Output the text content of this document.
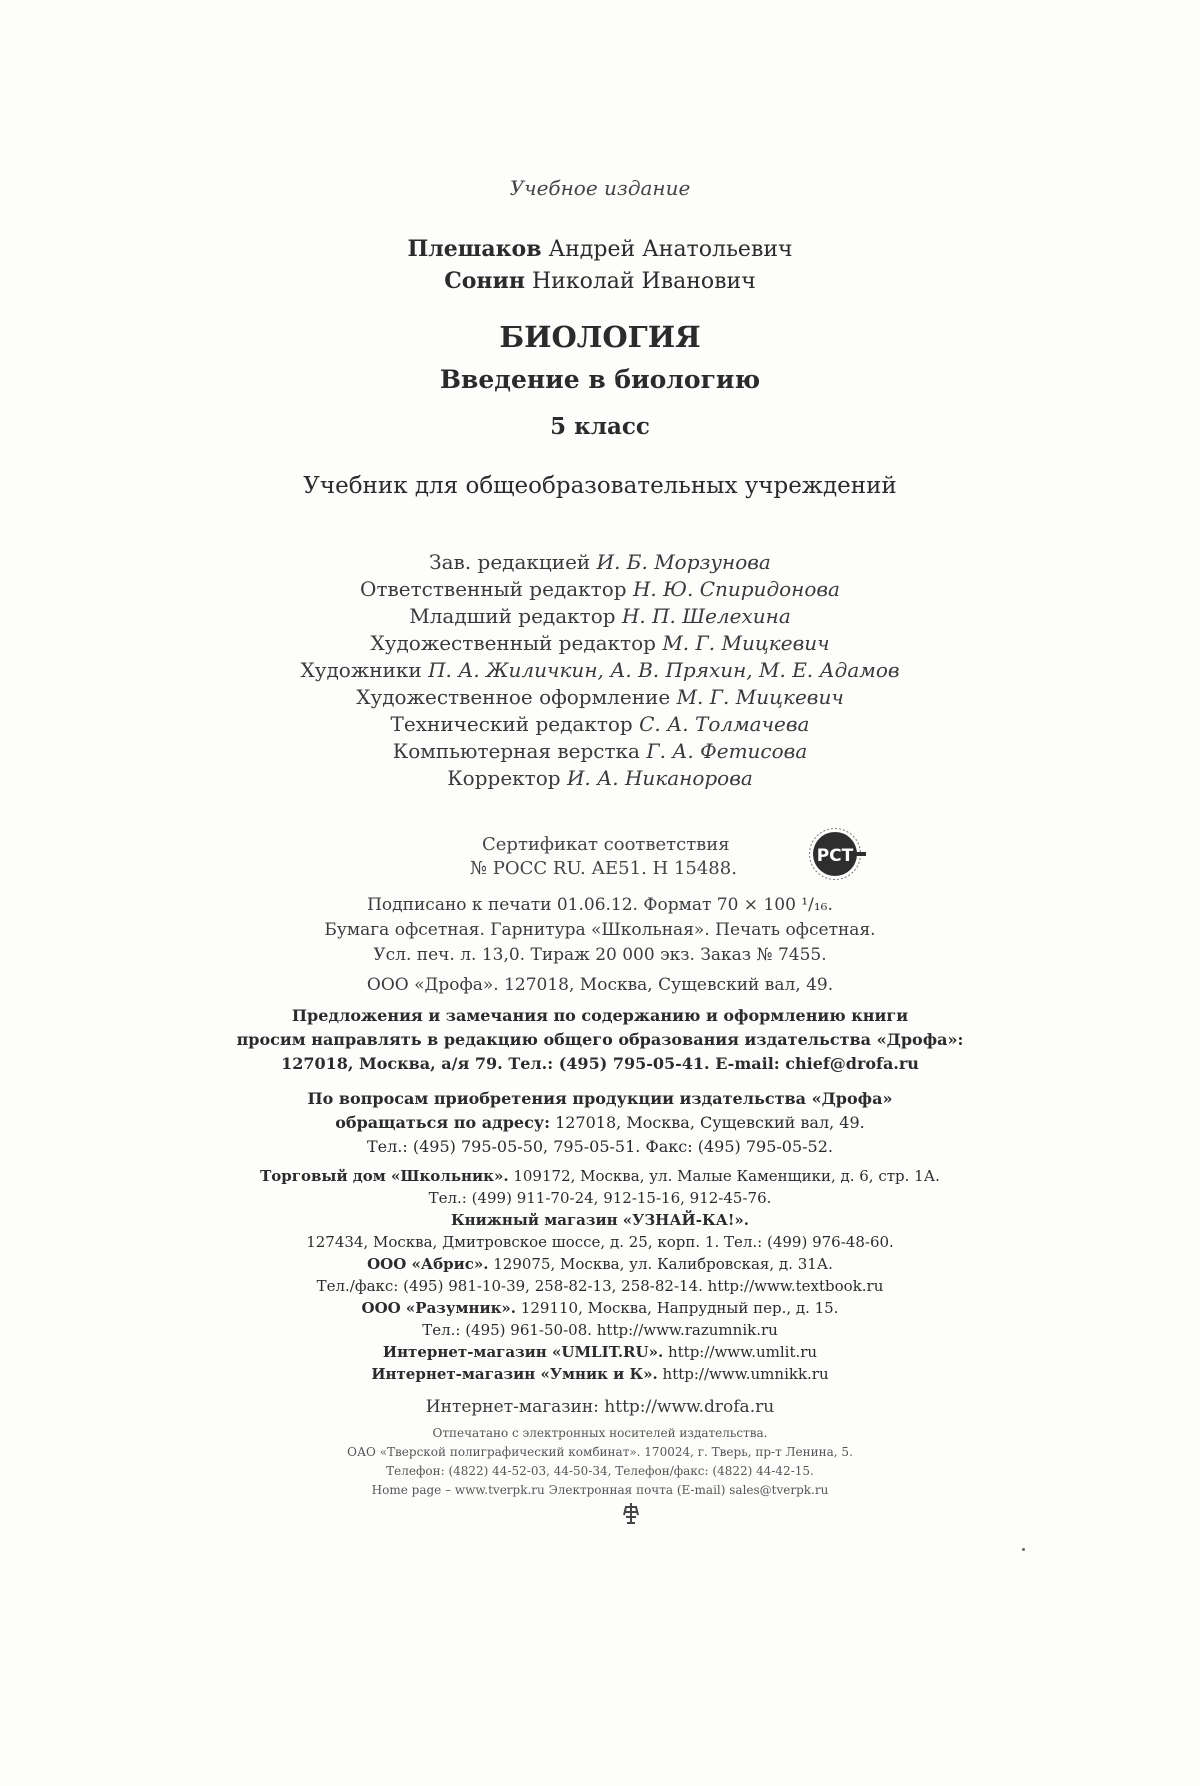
Учебное издание
Плешаков Андрей Анатольевич
Сонин Николай Иванович
БИОЛОГИЯ
Введение в биологию
5 класс
Учебник для общеобразовательных учреждений
Зав. редакцией И. Б. Морзунова
Ответственный редактор Н. Ю. Спиридонова
Младший редактор Н. П. Шелехина
Художественный редактор М. Г. Мицкевич
Художники П. А. Жиличкин, А. В. Пряхин, М. Е. Адамов
Художественное оформление М. Г. Мицкевич
Технический редактор С. А. Толмачева
Компьютерная верстка Г. А. Фетисова
Корректор И. А. Никанорова
Сертификат соответствия
№ РОСС RU. АЕ51. Н 15488.
РСТ
Подписано к печати 01.06.12. Формат 70 × 100 ¹/₁₆.
Бумага офсетная. Гарнитура «Школьная». Печать офсетная.
Усл. печ. л. 13,0. Тираж 20 000 экз. Заказ № 7455.
ООО «Дрофа». 127018, Москва, Сущевский вал, 49.
Предложения и замечания по содержанию и оформлению книги
просим направлять в редакцию общего образования издательства «Дрофа»:
127018, Москва, а/я 79. Тел.: (495) 795-05-41. E-mail: chief@drofa.ru
По вопросам приобретения продукции издательства «Дрофа»
обращаться по адресу: 127018, Москва, Сущевский вал, 49.
Тел.: (495) 795-05-50, 795-05-51. Факс: (495) 795-05-52.
Торговый дом «Школьник». 109172, Москва, ул. Малые Каменщики, д. 6, стр. 1А.
Тел.: (499) 911-70-24, 912-15-16, 912-45-76.
Книжный магазин «УЗНАЙ-КА!».
127434, Москва, Дмитровское шоссе, д. 25, корп. 1. Тел.: (499) 976-48-60.
ООО «Абрис». 129075, Москва, ул. Калибровская, д. 31А.
Тел./факс: (495) 981-10-39, 258-82-13, 258-82-14. http://www.textbook.ru
ООО «Разумник». 129110, Москва, Напрудный пер., д. 15.
Тел.: (495) 961-50-08. http://www.razumnik.ru
Интернет-магазин «UMLIT.RU». http://www.umlit.ru
Интернет-магазин «Умник и К». http://www.umnikk.ru
Интернет-магазин: http://www.drofa.ru
Отпечатано с электронных носителей издательства.
ОАО «Тверской полиграфический комбинат». 170024, г. Тверь, пр-т Ленина, 5.
Телефон: (4822) 44-52-03, 44-50-34, Телефон/факс: (4822) 44-42-15.
Home page – www.tverpk.ru Электронная почта (E-mail) sales@tverpk.ru
